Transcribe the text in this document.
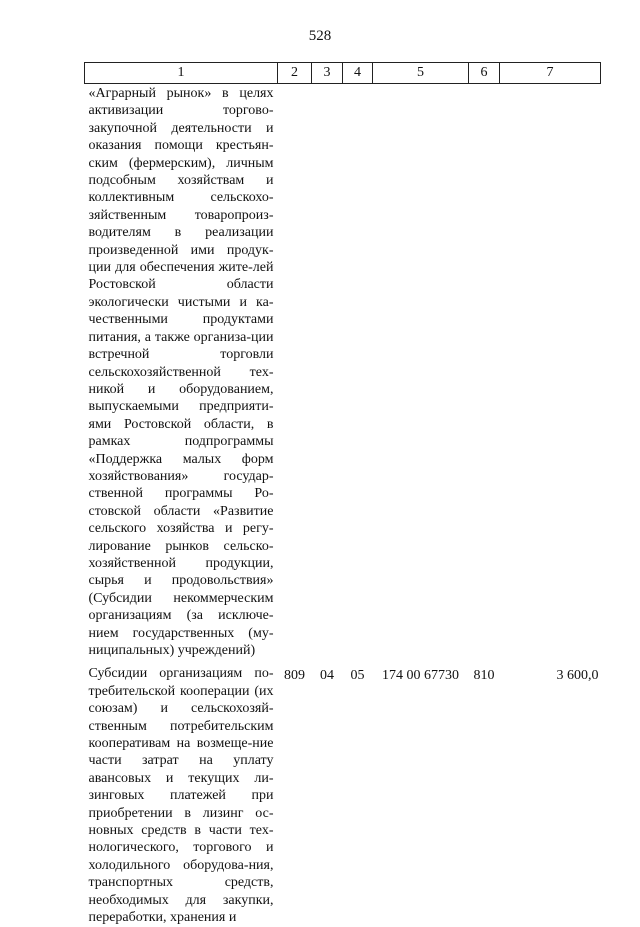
528
1	2	3	4	5	6	7
«Аграрный рынок» в целях активизации торгово-закупочной деятельности и оказания помощи крестьян-ским (фермерским), личным подсобным хозяйствам и коллективным сельскохо-зяйственным товаропроиз-водителям в реализации произведенной ими продук-ции для обеспечения жите-лей Ростовской области экологически чистыми и ка-чественными продуктами питания, а также организа-ции встречной торговли сельскохозяйственной тех-никой и оборудованием, выпускаемыми предприяти-ями Ростовской области, в рамках подпрограммы «Поддержка малых форм хозяйствования» государ-ственной программы Ро-стовской области «Развитие сельского хозяйства и регу-лирование рынков сельско-хозяйственной продукции, сырья и продовольствия» (Субсидии некоммерческим организациям (за исключе-нием государственных (му-ниципальных) учреждений)						
Субсидии организациям по-требительской кооперации (их союзам) и сельскохозяй-ственным потребительским кооперативам на возмеще-ние части затрат на уплату авансовых и текущих ли-зинговых платежей при приобретении в лизинг ос-новных средств в части тех-нологического, торгового и холодильного оборудова-ния, транспортных средств, необходимых для закупки, переработки, хранения и	809	04	05	174 00 67730	810	3 600,0
